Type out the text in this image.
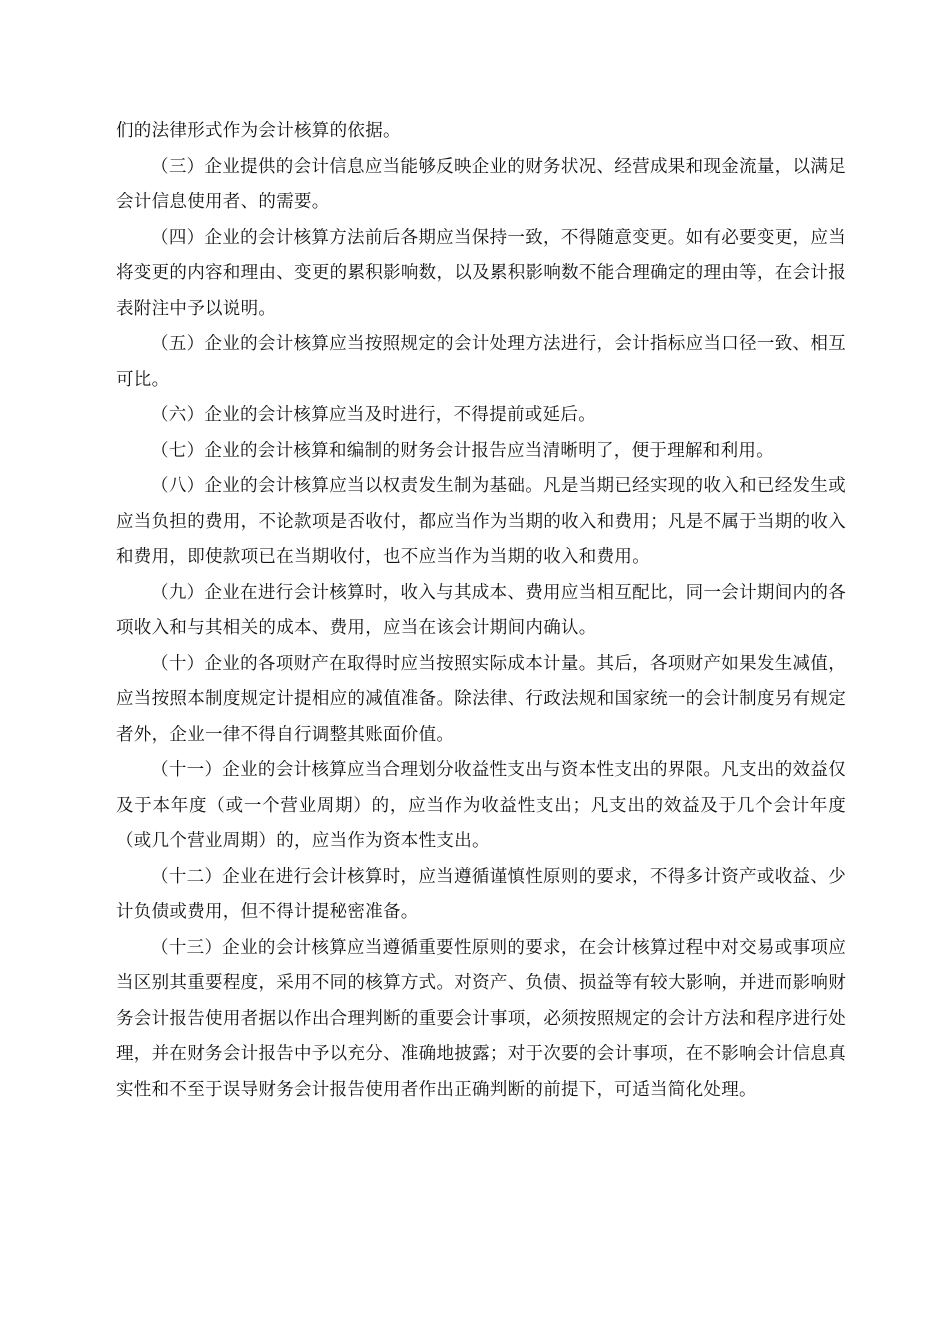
们的法律形式作为会计核算的依据。

（三）企业提供的会计信息应当能够反映企业的财务状况、经营成果和现金流量，以满足会计信息使用者、的需要。

（四）企业的会计核算方法前后各期应当保持一致，不得随意变更。如有必要变更，应当将变更的内容和理由、变更的累积影响数，以及累积影响数不能合理确定的理由等，在会计报表附注中予以说明。

（五）企业的会计核算应当按照规定的会计处理方法进行，会计指标应当口径一致、相互可比。

（六）企业的会计核算应当及时进行，不得提前或延后。

（七）企业的会计核算和编制的财务会计报告应当清晰明了，便于理解和利用。

（八）企业的会计核算应当以权责发生制为基础。凡是当期已经实现的收入和已经发生或应当负担的费用，不论款项是否收付，都应当作为当期的收入和费用；凡是不属于当期的收入和费用，即使款项已在当期收付，也不应当作为当期的收入和费用。

（九）企业在进行会计核算时，收入与其成本、费用应当相互配比，同一会计期间内的各项收入和与其相关的成本、费用，应当在该会计期间内确认。

（十）企业的各项财产在取得时应当按照实际成本计量。其后，各项财产如果发生减值，应当按照本制度规定计提相应的减值准备。除法律、行政法规和国家统一的会计制度另有规定者外，企业一律不得自行调整其账面价值。

（十一）企业的会计核算应当合理划分收益性支出与资本性支出的界限。凡支出的效益仅及于本年度（或一个营业周期）的，应当作为收益性支出；凡支出的效益及于几个会计年度（或几个营业周期）的，应当作为资本性支出。

（十二）企业在进行会计核算时，应当遵循谨慎性原则的要求，不得多计资产或收益、少计负债或费用，但不得计提秘密准备。

（十三）企业的会计核算应当遵循重要性原则的要求，在会计核算过程中对交易或事项应当区别其重要程度，采用不同的核算方式。对资产、负债、损益等有较大影响，并进而影响财务会计报告使用者据以作出合理判断的重要会计事项，必须按照规定的会计方法和程序进行处理，并在财务会计报告中予以充分、准确地披露；对于次要的会计事项，在不影响会计信息真实性和不至于误导财务会计报告使用者作出正确判断的前提下，可适当简化处理。
